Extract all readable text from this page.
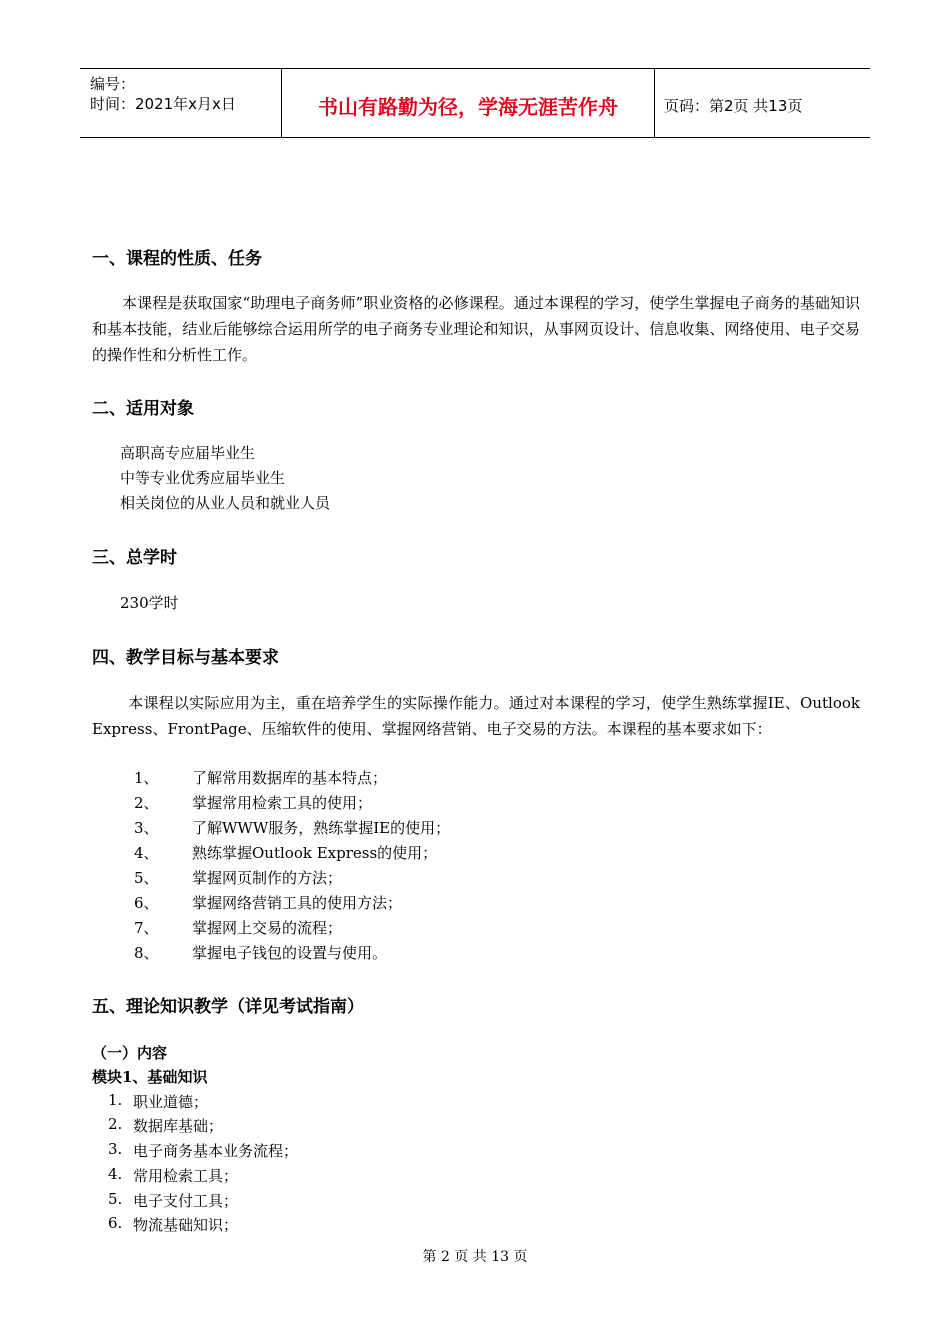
编号：
时间：2021年x月x日	书山有路勤为径，学海无涯苦作舟	页码：第2页 共13页
一、课程的性质、任务
本课程是获取国家“助理电子商务师”职业资格的必修课程。通过本课程的学习，使学生掌握电子商务的基础知识和基本技能，结业后能够综合运用所学的电子商务专业理论和知识，从事网页设计、信息收集、网络使用、电子交易的操作性和分析性工作。
二、适用对象
高职高专应届毕业生
中等专业优秀应届毕业生
相关岗位的从业人员和就业人员
三、总学时
230学时
四、教学目标与基本要求
本课程以实际应用为主，重在培养学生的实际操作能力。通过对本课程的学习，使学生熟练掌握IE、Outlook Express、FrontPage、压缩软件的使用、掌握网络营销、电子交易的方法。本课程的基本要求如下：
1、 了解常用数据库的基本特点；
2、 掌握常用检索工具的使用；
3、 了解WWW服务，熟练掌握IE的使用；
4、 熟练掌握Outlook Express的使用；
5、 掌握网页制作的方法；
6、 掌握网络营销工具的使用方法；
7、 掌握网上交易的流程；
8、 掌握电子钱包的设置与使用。
五、理论知识教学（详见考试指南）
（一）内容
模块1、基础知识
1. 职业道德；
2. 数据库基础；
3. 电子商务基本业务流程；
4. 常用检索工具；
5. 电子支付工具；
6. 物流基础知识；
第 2 页 共 13 页
